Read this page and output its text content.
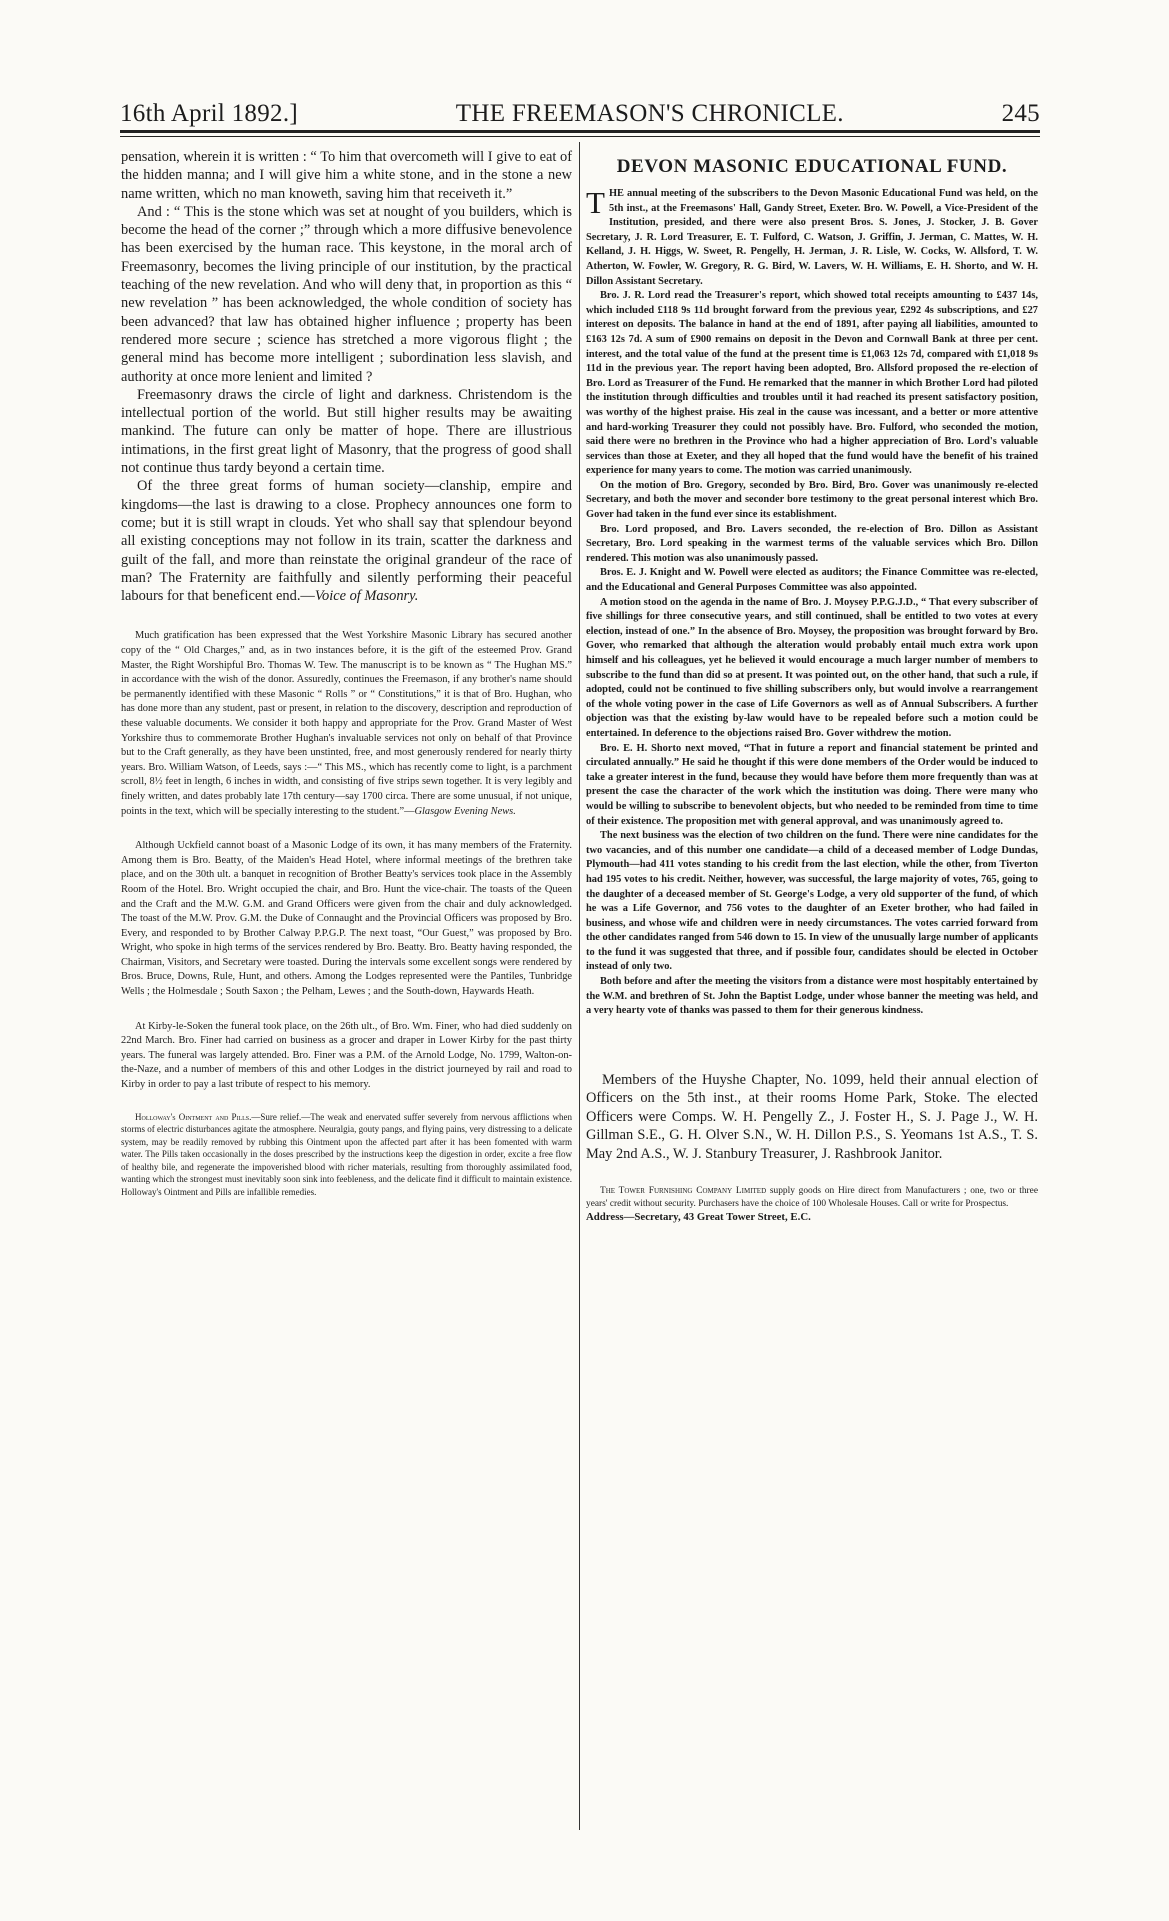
16th April 1892.]	THE FREEMASON'S CHRONICLE.	245

pensation, wherein it is written : “ To him that overcometh will I give to eat of the hidden manna; and I will give him a white stone, and in the stone a new name written, which no man knoweth, saving him that receiveth it.”

And : “ This is the stone which was set at nought of you builders, which is become the head of the corner ;” through which a more diffusive benevolence has been exercised by the human race. This keystone, in the moral arch of Freemasonry, becomes the living principle of our institution, by the practical teaching of the new revelation. And who will deny that, in proportion as this “ new revelation ” has been acknowledged, the whole condition of society has been advanced? that law has obtained higher influence ; property has been rendered more secure ; science has stretched a more vigorous flight ; the general mind has become more intelligent ; subordination less slavish, and authority at once more lenient and limited ?

Freemasonry draws the circle of light and darkness. Christendom is the intellectual portion of the world. But still higher results may be awaiting mankind. The future can only be matter of hope. There are illustrious intimations, in the first great light of Masonry, that the progress of good shall not continue thus tardy beyond a certain time.

Of the three great forms of human society—clanship, empire and kingdoms—the last is drawing to a close. Prophecy announces one form to come; but it is still wrapt in clouds. Yet who shall say that splendour beyond all existing conceptions may not follow in its train, scatter the darkness and guilt of the fall, and more than reinstate the original grandeur of the race of man? The Fraternity are faithfully and silently performing their peaceful labours for that beneficent end.—Voice of Masonry.

Much gratification has been expressed that the West Yorkshire Masonic Library has secured another copy of the “ Old Charges,” and, as in two instances before, it is the gift of the esteemed Prov. Grand Master, the Right Worshipful Bro. Thomas W. Tew. The manuscript is to be known as “ The Hughan MS.” in accordance with the wish of the donor. Assuredly, continues the Freemason, if any brother's name should be permanently identified with these Masonic “ Rolls ” or “ Constitutions,” it is that of Bro. Hughan, who has done more than any student, past or present, in relation to the discovery, description and reproduction of these valuable documents. We consider it both happy and appropriate for the Prov. Grand Master of West Yorkshire thus to commemorate Brother Hughan's invaluable services not only on behalf of that Province but to the Craft generally, as they have been unstinted, free, and most generously rendered for nearly thirty years. Bro. William Watson, of Leeds, says :—“ This MS., which has recently come to light, is a parchment scroll, 8½ feet in length, 6 inches in width, and consisting of five strips sewn together. It is very legibly and finely written, and dates probably late 17th century—say 1700 circa. There are some unusual, if not unique, points in the text, which will be specially interesting to the student.”—Glasgow Evening News.

Although Uckfield cannot boast of a Masonic Lodge of its own, it has many members of the Fraternity. Among them is Bro. Beatty, of the Maiden's Head Hotel, where informal meetings of the brethren take place, and on the 30th ult. a banquet in recognition of Brother Beatty's services took place in the Assembly Room of the Hotel. Bro. Wright occupied the chair, and Bro. Hunt the vice-chair. The toasts of the Queen and the Craft and the M.W. G.M. and Grand Officers were given from the chair and duly acknowledged. The toast of the M.W. Prov. G.M. the Duke of Connaught and the Provincial Officers was proposed by Bro. Every, and responded to by Brother Calway P.P.G.P. The next toast, “Our Guest,” was proposed by Bro. Wright, who spoke in high terms of the services rendered by Bro. Beatty. Bro. Beatty having responded, the Chairman, Visitors, and Secretary were toasted. During the intervals some excellent songs were rendered by Bros. Bruce, Downs, Rule, Hunt, and others. Among the Lodges represented were the Pantiles, Tunbridge Wells ; the Holmesdale ; South Saxon ; the Pelham, Lewes ; and the South-down, Haywards Heath.

At Kirby-le-Soken the funeral took place, on the 26th ult., of Bro. Wm. Finer, who had died suddenly on 22nd March. Bro. Finer had carried on business as a grocer and draper in Lower Kirby for the past thirty years. The funeral was largely attended. Bro. Finer was a P.M. of the Arnold Lodge, No. 1799, Walton-on-the-Naze, and a number of members of this and other Lodges in the district journeyed by rail and road to Kirby in order to pay a last tribute of respect to his memory.

Holloway's Ointment and Pills.—Sure relief.—The weak and enervated suffer severely from nervous afflictions when storms of electric disturbances agitate the atmosphere. Neuralgia, gouty pangs, and flying pains, very distressing to a delicate system, may be readily removed by rubbing this Ointment upon the affected part after it has been fomented with warm water. The Pills taken occasionally in the doses prescribed by the instructions keep the digestion in order, excite a free flow of healthy bile, and regenerate the impoverished blood with richer materials, resulting from thoroughly assimilated food, wanting which the strongest must inevitably soon sink into feebleness, and the delicate find it difficult to maintain existence. Holloway's Ointment and Pills are infallible remedies.

DEVON MASONIC EDUCATIONAL FUND.

THE annual meeting of the subscribers to the Devon Masonic Educational Fund was held, on the 5th inst., at the Freemasons' Hall, Gandy Street, Exeter. Bro. W. Powell, a Vice-President of the Institution, presided, and there were also present Bros. S. Jones, J. Stocker, J. B. Gover Secretary, J. R. Lord Treasurer, E. T. Fulford, C. Watson, J. Griffin, J. Jerman, C. Mattes, W. H. Kelland, J. H. Higgs, W. Sweet, R. Pengelly, H. Jerman, J. R. Lisle, W. Cocks, W. Allsford, T. W. Atherton, W. Fowler, W. Gregory, R. G. Bird, W. Lavers, W. H. Williams, E. H. Shorto, and W. H. Dillon Assistant Secretary.

Bro. J. R. Lord read the Treasurer's report, which showed total receipts amounting to £437 14s, which included £118 9s 11d brought forward from the previous year, £292 4s subscriptions, and £27 interest on deposits. The balance in hand at the end of 1891, after paying all liabilities, amounted to £163 12s 7d. A sum of £900 remains on deposit in the Devon and Cornwall Bank at three per cent. interest, and the total value of the fund at the present time is £1,063 12s 7d, compared with £1,018 9s 11d in the previous year. The report having been adopted, Bro. Allsford proposed the re-election of Bro. Lord as Treasurer of the Fund. He remarked that the manner in which Brother Lord had piloted the institution through difficulties and troubles until it had reached its present satisfactory position, was worthy of the highest praise. His zeal in the cause was incessant, and a better or more attentive and hard-working Treasurer they could not possibly have. Bro. Fulford, who seconded the motion, said there were no brethren in the Province who had a higher appreciation of Bro. Lord's valuable services than those at Exeter, and they all hoped that the fund would have the benefit of his trained experience for many years to come. The motion was carried unanimously.

On the motion of Bro. Gregory, seconded by Bro. Bird, Bro. Gover was unanimously re-elected Secretary, and both the mover and seconder bore testimony to the great personal interest which Bro. Gover had taken in the fund ever since its establishment.

Bro. Lord proposed, and Bro. Lavers seconded, the re-election of Bro. Dillon as Assistant Secretary, Bro. Lord speaking in the warmest terms of the valuable services which Bro. Dillon rendered. This motion was also unanimously passed.

Bros. E. J. Knight and W. Powell were elected as auditors; the Finance Committee was re-elected, and the Educational and General Purposes Committee was also appointed.

A motion stood on the agenda in the name of Bro. J. Moysey P.P.G.J.D., “ That every subscriber of five shillings for three consecutive years, and still continued, shall be entitled to two votes at every election, instead of one.” In the absence of Bro. Moysey, the proposition was brought forward by Bro. Gover, who remarked that although the alteration would probably entail much extra work upon himself and his colleagues, yet he believed it would encourage a much larger number of members to subscribe to the fund than did so at present. It was pointed out, on the other hand, that such a rule, if adopted, could not be continued to five shilling subscribers only, but would involve a rearrangement of the whole voting power in the case of Life Governors as well as of Annual Subscribers. A further objection was that the existing by-law would have to be repealed before such a motion could be entertained. In deference to the objections raised Bro. Gover withdrew the motion.

Bro. E. H. Shorto next moved, “That in future a report and financial statement be printed and circulated annually.” He said he thought if this were done members of the Order would be induced to take a greater interest in the fund, because they would have before them more frequently than was at present the case the character of the work which the institution was doing. There were many who would be willing to subscribe to benevolent objects, but who needed to be reminded from time to time of their existence. The proposition met with general approval, and was unanimously agreed to.

The next business was the election of two children on the fund. There were nine candidates for the two vacancies, and of this number one candidate—a child of a deceased member of Lodge Dundas, Plymouth—had 411 votes standing to his credit from the last election, while the other, from Tiverton had 195 votes to his credit. Neither, however, was successful, the large majority of votes, 765, going to the daughter of a deceased member of St. George's Lodge, a very old supporter of the fund, of which he was a Life Governor, and 756 votes to the daughter of an Exeter brother, who had failed in business, and whose wife and children were in needy circumstances. The votes carried forward from the other candidates ranged from 546 down to 15. In view of the unusually large number of applicants to the fund it was suggested that three, and if possible four, candidates should be elected in October instead of only two.

Both before and after the meeting the visitors from a distance were most hospitably entertained by the W.M. and brethren of St. John the Baptist Lodge, under whose banner the meeting was held, and a very hearty vote of thanks was passed to them for their generous kindness.

Members of the Huyshe Chapter, No. 1099, held their annual election of Officers on the 5th inst., at their rooms Home Park, Stoke. The elected Officers were Comps. W. H. Pengelly Z., J. Foster H., S. J. Page J., W. H. Gillman S.E., G. H. Olver S.N., W. H. Dillon P.S., S. Yeomans 1st A.S., T. S. May 2nd A.S., W. J. Stanbury Treasurer, J. Rashbrook Janitor.

The Tower Furnishing Company Limited supply goods on Hire direct from Manufacturers ; one, two or three years' credit without security. Purchasers have the choice of 100 Wholesale Houses. Call or write for Prospectus.

Address—Secretary, 43 Great Tower Street, E.C.
